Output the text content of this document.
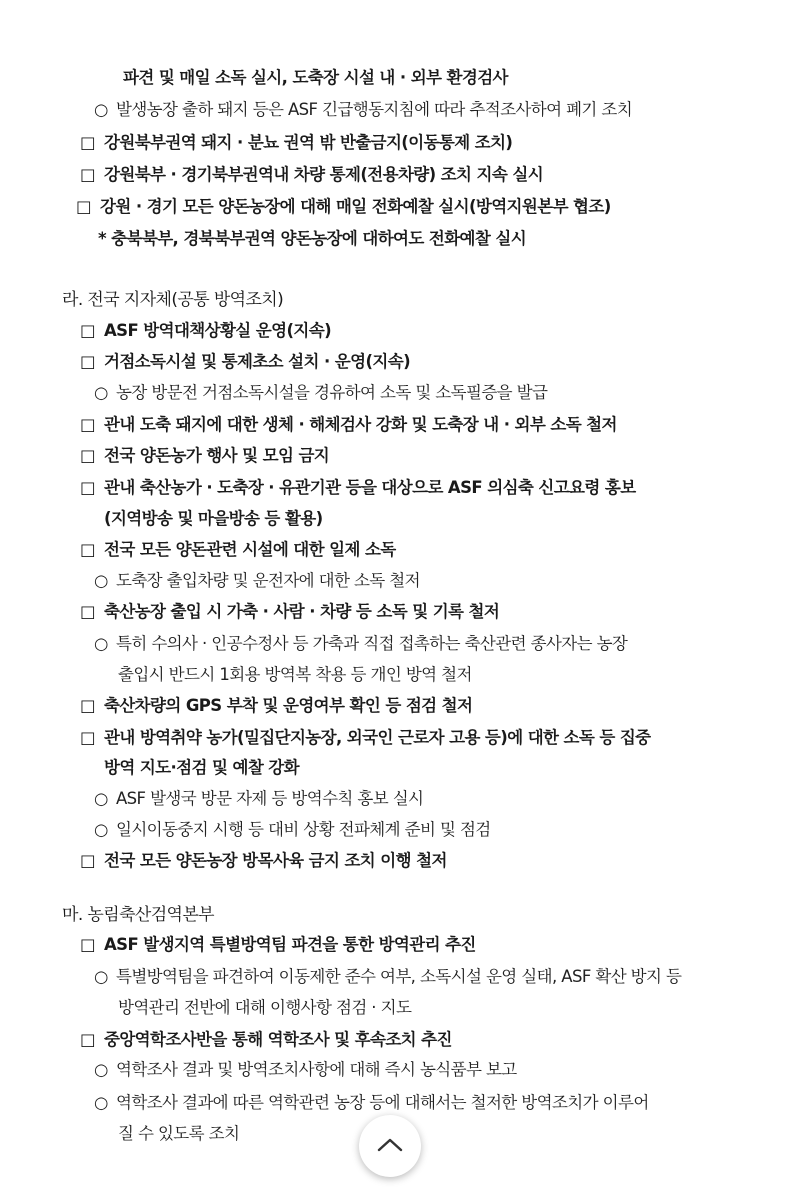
파견 및 매일 소독 실시, 도축장 시설 내 · 외부 환경검사
○ 발생농장 출하 돼지 등은 ASF 긴급행동지침에 따라 추적조사하여 폐기 조치
□ 강원북부권역 돼지 · 분뇨 권역 밖 반출금지(이동통제 조치)
□ 강원북부 · 경기북부권역내 차량 통제(전용차량) 조치 지속 실시
□ 강원 · 경기 모든 양돈농장에 대해 매일 전화예찰 실시(방역지원본부 협조)
* 충북북부, 경북북부권역 양돈농장에 대하여도 전화예찰 실시
라. 전국 지자체(공통 방역조치)
□ ASF 방역대책상황실 운영(지속)
□ 거점소독시설 및 통제초소 설치 · 운영(지속)
○ 농장 방문전 거점소독시설을 경유하여 소독 및 소독필증을 발급
□ 관내 도축 돼지에 대한 생체 · 해체검사 강화 및 도축장 내 · 외부 소독 철저
□ 전국 양돈농가 행사 및 모임 금지
□ 관내 축산농가 · 도축장 · 유관기관 등을 대상으로 ASF 의심축 신고요령 홍보
(지역방송 및 마을방송 등 활용)
□ 전국 모든 양돈관련 시설에 대한 일제 소독
○ 도축장 출입차량 및 운전자에 대한 소독 철저
□ 축산농장 출입 시 가축 · 사람 · 차량 등 소독 및 기록 철저
○ 특히 수의사 · 인공수정사 등 가축과 직접 접촉하는 축산관련 종사자는 농장
출입시 반드시 1회용 방역복 착용 등 개인 방역 철저
□ 축산차량의 GPS 부착 및 운영여부 확인 등 점검 철저
□ 관내 방역취약 농가(밀집단지농장, 외국인 근로자 고용 등)에 대한 소독 등 집중
방역 지도·점검 및 예찰 강화
○ ASF 발생국 방문 자제 등 방역수칙 홍보 실시
○ 일시이동중지 시행 등 대비 상황 전파체계 준비 및 점검
□ 전국 모든 양돈농장 방목사육 금지 조치 이행 철저
마. 농림축산검역본부
□ ASF 발생지역 특별방역팀 파견을 통한 방역관리 추진
○ 특별방역팀을 파견하여 이동제한 준수 여부, 소독시설 운영 실태, ASF 확산 방지 등
방역관리 전반에 대해 이행사항 점검 · 지도
□ 중앙역학조사반을 통해 역학조사 및 후속조치 추진
○ 역학조사 결과 및 방역조치사항에 대해 즉시 농식품부 보고
○ 역학조사 결과에 따른 역학관련 농장 등에 대해서는 철저한 방역조치가 이루어
질 수 있도록 조치
